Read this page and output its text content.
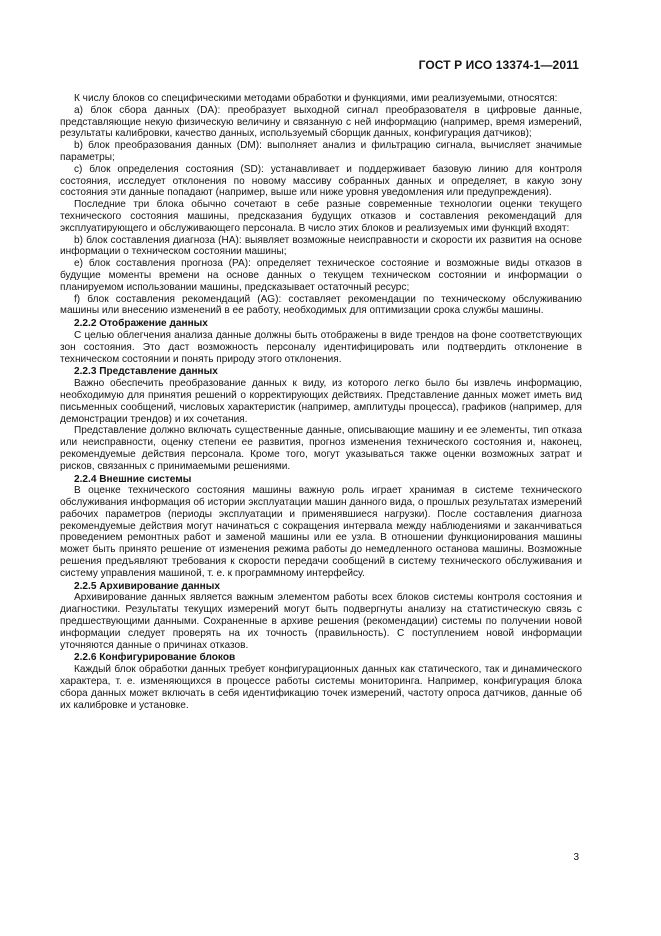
ГОСТ Р ИСО 13374-1—2011

К числу блоков со специфическими методами обработки и функциями, ими реализуемыми, относятся:

a) блок сбора данных (DA): преобразует выходной сигнал преобразователя в цифровые данные, представляющие некую физическую величину и связанную с ней информацию (например, время измерений, результаты калибровки, качество данных, используемый сборщик данных, конфигурация датчиков);

b) блок преобразования данных (DM): выполняет анализ и фильтрацию сигнала, вычисляет значимые параметры;

c) блок определения состояния (SD): устанавливает и поддерживает базовую линию для контроля состояния, исследует отклонения по новому массиву собранных данных и определяет, в какую зону состояния эти данные попадают (например, выше или ниже уровня уведомления или предупреждения).

Последние три блока обычно сочетают в себе разные современные технологии оценки текущего технического состояния машины, предсказания будущих отказов и составления рекомендаций для эксплуатирующего и обслуживающего персонала. В число этих блоков и реализуемых ими функций входят:

b) блок составления диагноза (HA): выявляет возможные неисправности и скорости их развития на основе информации о техническом состоянии машины;

e) блок составления прогноза (PA): определяет техническое состояние и возможные виды отказов в будущие моменты времени на основе данных о текущем техническом состоянии и информации о планируемом использовании машины, предсказывает остаточный ресурс;

f) блок составления рекомендаций (AG): составляет рекомендации по техническому обслуживанию машины или внесению изменений в ее работу, необходимых для оптимизации срока службы машины.

2.2.2 Отображение данных

С целью облегчения анализа данные должны быть отображены в виде трендов на фоне соответствующих зон состояния. Это даст возможность персоналу идентифицировать или подтвердить отклонение в техническом состоянии и понять природу этого отклонения.

2.2.3 Представление данных

Важно обеспечить преобразование данных к виду, из которого легко было бы извлечь информацию, необходимую для принятия решений о корректирующих действиях. Представление данных может иметь вид письменных сообщений, числовых характеристик (например, амплитуды процесса), графиков (например, для демонстрации трендов) и их сочетания.

Представление должно включать существенные данные, описывающие машину и ее элементы, тип отказа или неисправности, оценку степени ее развития, прогноз изменения технического состояния и, наконец, рекомендуемые действия персонала. Кроме того, могут указываться также оценки возможных затрат и рисков, связанных с принимаемыми решениями.

2.2.4 Внешние системы

В оценке технического состояния машины важную роль играет хранимая в системе технического обслуживания информация об истории эксплуатации машин данного вида, о прошлых результатах измерений рабочих параметров (периоды эксплуатации и применявшиеся нагрузки). После составления диагноза рекомендуемые действия могут начинаться с сокращения интервала между наблюдениями и заканчиваться проведением ремонтных работ и заменой машины или ее узла. В отношении функционирования машины может быть принято решение от изменения режима работы до немедленного останова машины. Возможные решения предъявляют требования к скорости передачи сообщений в систему технического обслуживания и систему управления машиной, т. е. к программному интерфейсу.

2.2.5 Архивирование данных

Архивирование данных является важным элементом работы всех блоков системы контроля состояния и диагностики. Результаты текущих измерений могут быть подвергнуты анализу на статистическую связь с предшествующими данными. Сохраненные в архиве решения (рекомендации) системы по получении новой информации следует проверять на их точность (правильность). С поступлением новой информации уточняются данные о причинах отказов.

2.2.6 Конфигурирование блоков

Каждый блок обработки данных требует конфигурационных данных как статического, так и динамического характера, т. е. изменяющихся в процессе работы системы мониторинга. Например, конфигурация блока сбора данных может включать в себя идентификацию точек измерений, частоту опроса датчиков, данные об их калибровке и установке.

3
